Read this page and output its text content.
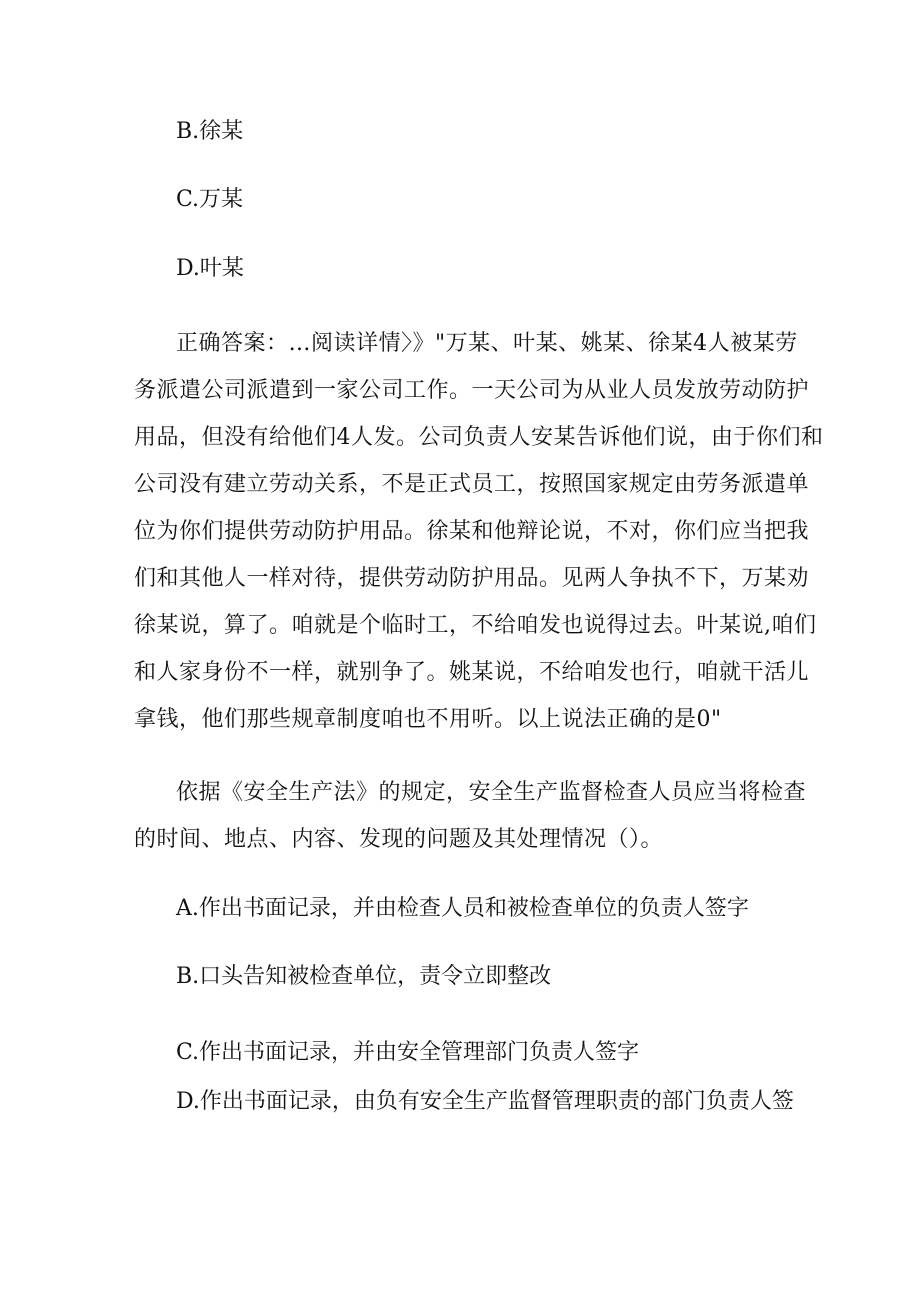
B.徐某
C.万某
D.叶某
正确答案：…阅读详情〉》"万某、叶某、姚某、徐某4人被某劳
务派遣公司派遣到一家公司工作。一天公司为从业人员发放劳动防护
用品，但没有给他们4人发。公司负责人安某告诉他们说，由于你们和
公司没有建立劳动关系，不是正式员工，按照国家规定由劳务派遣单
位为你们提供劳动防护用品。徐某和他辩论说，不对，你们应当把我
们和其他人一样对待，提供劳动防护用品。见两人争执不下，万某劝
徐某说，算了。咱就是个临时工，不给咱发也说得过去。叶某说,咱们
和人家身份不一样，就别争了。姚某说，不给咱发也行，咱就干活儿
拿钱，他们那些规章制度咱也不用听。以上说法正确的是0"
依据《安全生产法》的规定，安全生产监督检查人员应当将检查
的时间、地点、内容、发现的问题及其处理情况（）。
A.作出书面记录，并由检查人员和被检查单位的负责人签字
B.口头告知被检查单位，责令立即整改
C.作出书面记录，并由安全管理部门负责人签字
D.作出书面记录，由负有安全生产监督管理职责的部门负责人签
